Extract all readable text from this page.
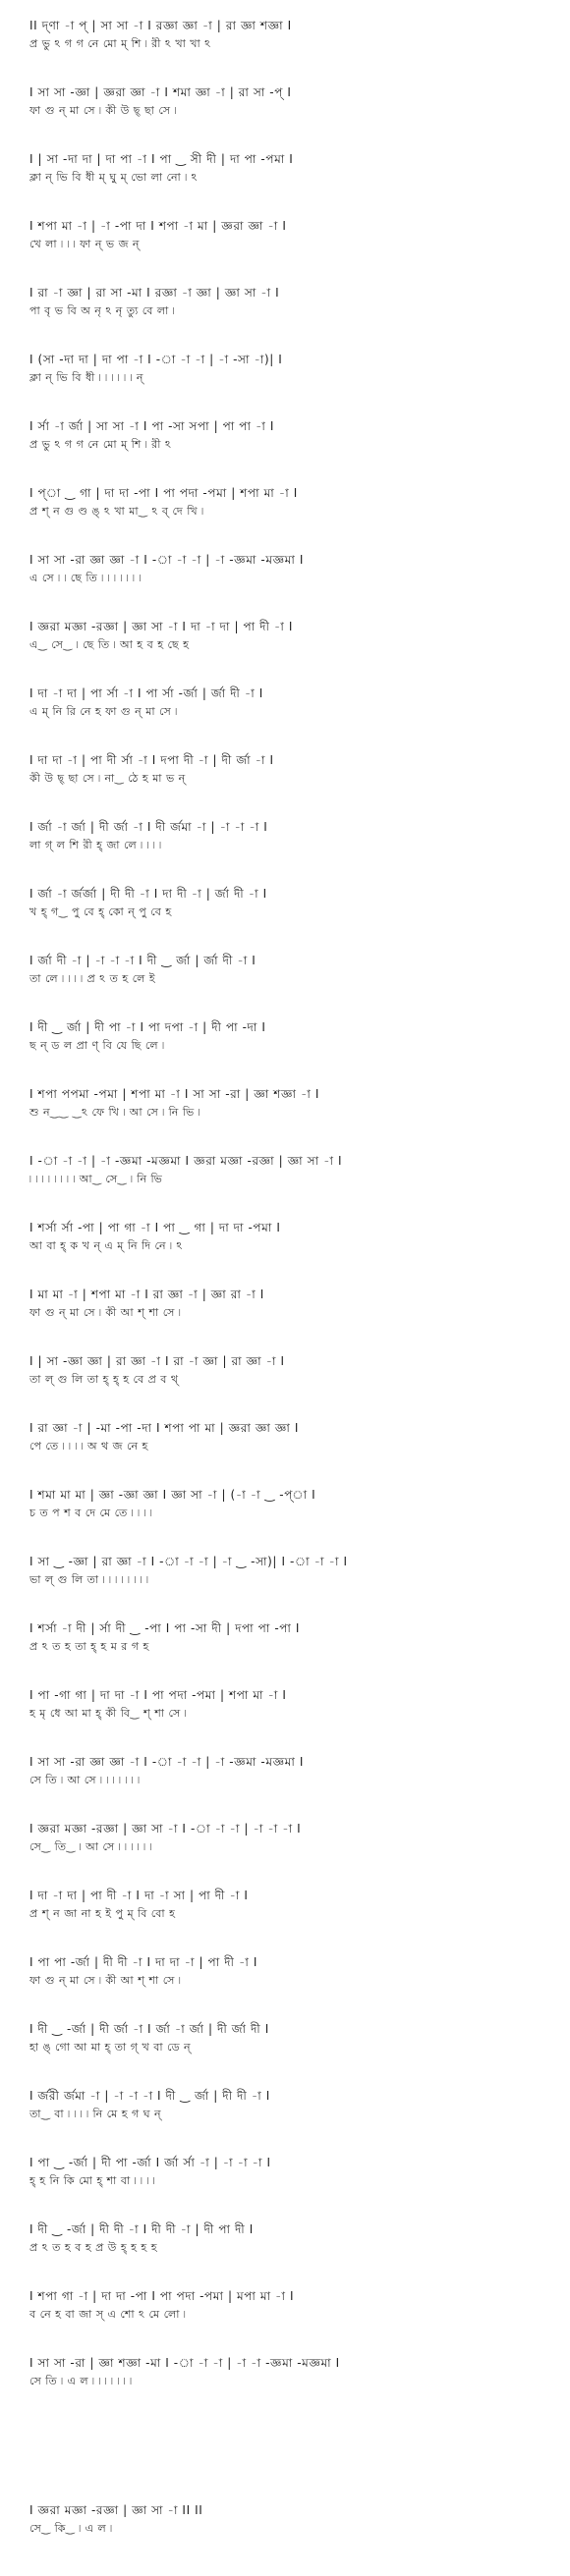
II দ্ণা -া প্ | সা সা -া I রজ্ঞা জ্ঞা -া | রা জ্ঞা শজ্ঞা I
প্র ভু ঽ গ গ নে মো ম্ শি ৷ রী ঽ খা খা ঽ
I সা সা -জ্ঞা | জ্ঞরা জ্ঞা -া I শমা জ্ঞা -া | রা সা -প্ I
ফা গু ন্ মা সে ৷ কী উ ছ্ ছা সে ৷
I | সা -দা দা | দা পা -া I পা ‿ সী দী | দা পা -পমা I
ক্লা ন্ ভি বি ধী ম্ ঘু ম্ ভো লা নো ৷ ঽ
I শপা মা -া | -া -পা দা I শপা -া মা | জ্ঞরা জ্ঞা -া I
খে লা ৷ ৷ ৷ ফা ন্ ভ জ ন্
I রা -া জ্ঞা | রা সা -মা I রজ্ঞা -া জ্ঞা | জ্ঞা সা -া I
পা বৃ ভ বি অ নৃ ঽ নৃ ত্যু বে লা ৷
I (সা -দা দা | দা পা -া I -া -া -া | -া -সা -া)| I
ক্লা ন্ ভি বি ধী ৷ ৷ ৷ ৷ ৷ ৷ ন্
I র্সা -া র্জা | সা সা -া I পা -সা সপা | পা পা -া I
প্র ভু ঽ গ গ নে মো ম্ শি ৷ রী ঽ
I প্া ‿ গা | দা দা -পা I পা পদা -পমা | শপা মা -া I
প্র শ্ ন গু ণ্ড ঙ্ ঽ খা মা‿ ঽ ব্ দে খি ৷
I সা সা -রা জ্ঞা জ্ঞা -া I -া -া -া | -া -জ্ঞমা -মজ্ঞমা I
এ সে ৷ ৷ ছে তি ৷ ৷ ৷ ৷ ৷ ৷ ৷
I জ্ঞরা মজ্ঞা -রজ্ঞা | জ্ঞা সা -া I দা -া দা | পা দী -া I
এ‿ সে‿ ৷ ছে তি ৷ আ হ ব হ ছে হ
I দা -া দা | পা র্সা -া I পা র্সা -র্জা | র্জা দী -া I
এ ম্ নি রি নে হ ফা গু ন্ মা সে ৷
I দা দা -া | পা দী র্সা -া I দপা দী -া | দী র্জা -া I
কী উ ছ্ ছা সে ৷ না‿ ঠে হ মা ভ ন্
I র্জা -া র্জা | দী র্জা -া I দী র্জমা -া | -া -া -া I
লা গ্ ল শি রী হ্ জা লে ৷ ৷ ৷ ৷
I র্জা -া র্জর্জা | দী দী -া I দা দী -া | র্জা দী -া I
খ হ্ গ‿ পু বে হ্ কো ন্ পু বে হ
I র্জা দী -া | -া -া -া I দী ‿ র্জা | র্জা দী -া I
তা লে ৷ ৷ ৷ ৷ প্র ঽ ত হ লে ই
I দী ‿ র্জা | দী পা -া I পা দপা -া | দী পা -দা I
ছ ন্ ড ল প্রা ণ্ বি যে ছি লে ৷
I শপা পপমা -পমা | শপা মা -া I সা সা -রা | জ্ঞা শজ্ঞা -া I
শু ন‿‿ ‿ঽ ফে খি ৷ আ সে ৷ নি ভি ৷
I -া -া -া | -া -জ্ঞমা -মজ্ঞমা I জ্ঞরা মজ্ঞা -রজ্ঞা | জ্ঞা সা -া I
৷ ৷ ৷ ৷ ৷ ৷ ৷ ৷ আ‿ সে‿ ৷ নি ভি
I শর্সা র্সা -পা | পা গা -া I পা ‿ গা | দা দা -পমা I
আ বা হ্ ক খ ন্ এ ম্ নি দি নে ৷ ঽ
I মা মা -া | শপা মা -া I রা জ্ঞা -া | জ্ঞা রা -া I
ফা গু ন্ মা সে ৷ কী আ শ্ শা সে ৷
I | সা -জ্ঞা জ্ঞা | রা জ্ঞা -া I রা -া জ্ঞা | রা জ্ঞা -া I
তা ল্ গু লি তা হ্ হ্ হ বে প্র ব থ্
I রা জ্ঞা -া | -মা -পা -দা I শপা পা মা | জ্ঞরা জ্ঞা জ্ঞা I
পে তে ৷ ৷ ৷ ৷ অ থ জ নে হ
I শমা মা মা | জ্ঞা -জ্ঞা জ্ঞা I জ্ঞা সা -া | (-া -া ‿ -প্া I
চ ত প শ ব দে মে তে ৷ ৷ ৷ ৷
I সা ‿ -জ্ঞা | রা জ্ঞা -া I -া -া -া | -া ‿ -সা)| I -া -া -া I
ভা ল্ গু লি তা ৷ ৷ ৷ ৷ ৷ ৷ ৷ ৷
I শর্সা -া দী | র্সা দী ‿ -পা I পা -সা দী | দপা পা -পা I
প্র ঽ ত হ তা হ্ হ ম র গ হ
I পা -গা গা | দা দা -া I পা পদা -পমা | শপা মা -া I
হ মৃ ধে আ মা হ্ কী বি‿ শ্ শা সে ৷
I সা সা -রা জ্ঞা জ্ঞা -া I -া -া -া | -া -জ্ঞমা -মজ্ঞমা I
সে তি ৷ আ সে ৷ ৷ ৷ ৷ ৷ ৷ ৷
I জ্ঞরা মজ্ঞা -রজ্ঞা | জ্ঞা সা -া I -া -া -া | -া -া -া I
সে‿ তি‿ ৷ আ সে ৷ ৷ ৷ ৷ ৷ ৷
I দা -া দা | পা দী -া I দা -া সা | পা দী -া I
প্র শ্ ন জা না হ ই পু ম্ বি বো হ
I পা পা -র্জা | দী দী -া I দা দা -া | পা দী -া I
ফা গু ন্ মা সে ৷ কী আ শ্ শা সে ৷
I দী ‿ -র্জা | দী র্জা -া I র্জা -া র্জা | দী র্জা দী I
হা ঙ্ গো আ মা হ্ তা গ্ খ বা ডে ন্
I র্জরী র্জমা -া | -া -া -া I দী ‿ র্জা | দী দী -া I
তা‿ বা ৷ ৷ ৷ ৷ নি মে হ গ ঘ ন্
I পা ‿ -র্জা | দী পা -র্জা I র্জা র্সা -া | -া -া -া I
হ্ হ নি কি মো হ্ শা বা ৷ ৷ ৷ ৷
I দী ‿ -র্জা | দী দী -া I দী দী -া | দী পা দী I
প্র ঽ ত হ ব হ প্র উ হ্ হ হ হ
I শপা গা -া | দা দা -পা I পা পদা -পমা | মপা মা -া I
ব নে হ বা জা স্ এ শো ঽ মে লো ৷
I সা সা -রা | জ্ঞা শজ্ঞা -মা I -া -া -া | -া -া -জ্ঞমা -মজ্ঞমা I
সে তি ৷ এ ল ৷ ৷ ৷ ৷ ৷ ৷ ৷
I জ্ঞরা মজ্ঞা -রজ্ঞা | জ্ঞা সা -া II II
সে‿ কি‿ ৷ এ ল ৷
